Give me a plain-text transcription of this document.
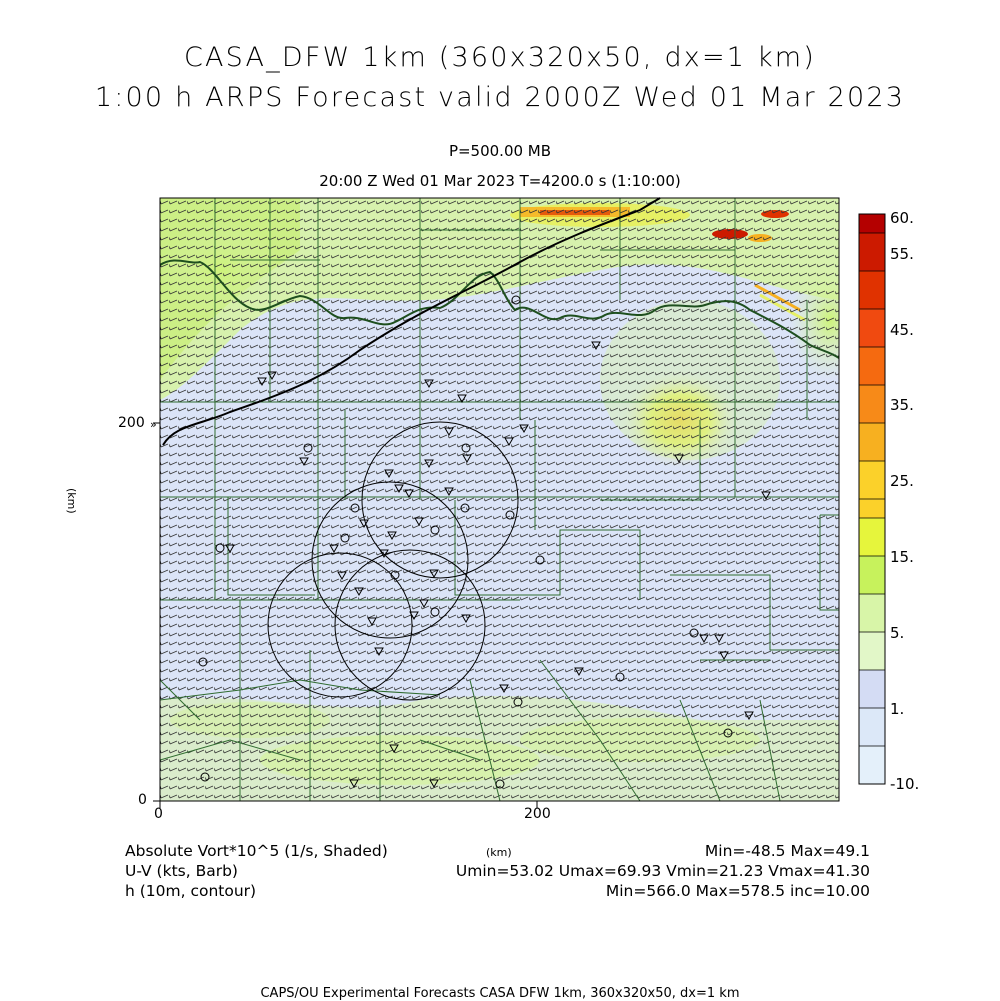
CASA_DFW 1km (360x320x50, dx=1 km)
1:00 h ARPS Forecast valid 2000Z Wed 01 Mar 2023
P=500.00 MB
20:00 Z Wed 01 Mar 2023 T=4200.0 s (1:10:00)
200
0
0	200
(km)
»
60.
55.
45.
35.
25.
15.
5.
1.
-10.
Absolute Vort*10^5 (1/s, Shaded)	(km)	Min=-48.5 Max=49.1
U-V (kts, Barb)	Umin=53.02 Umax=69.93 Vmin=21.23 Vmax=41.30
h (10m, contour)	Min=566.0 Max=578.5 inc=10.00
CAPS/OU Experimental Forecasts CASA DFW 1km, 360x320x50, dx=1 km
